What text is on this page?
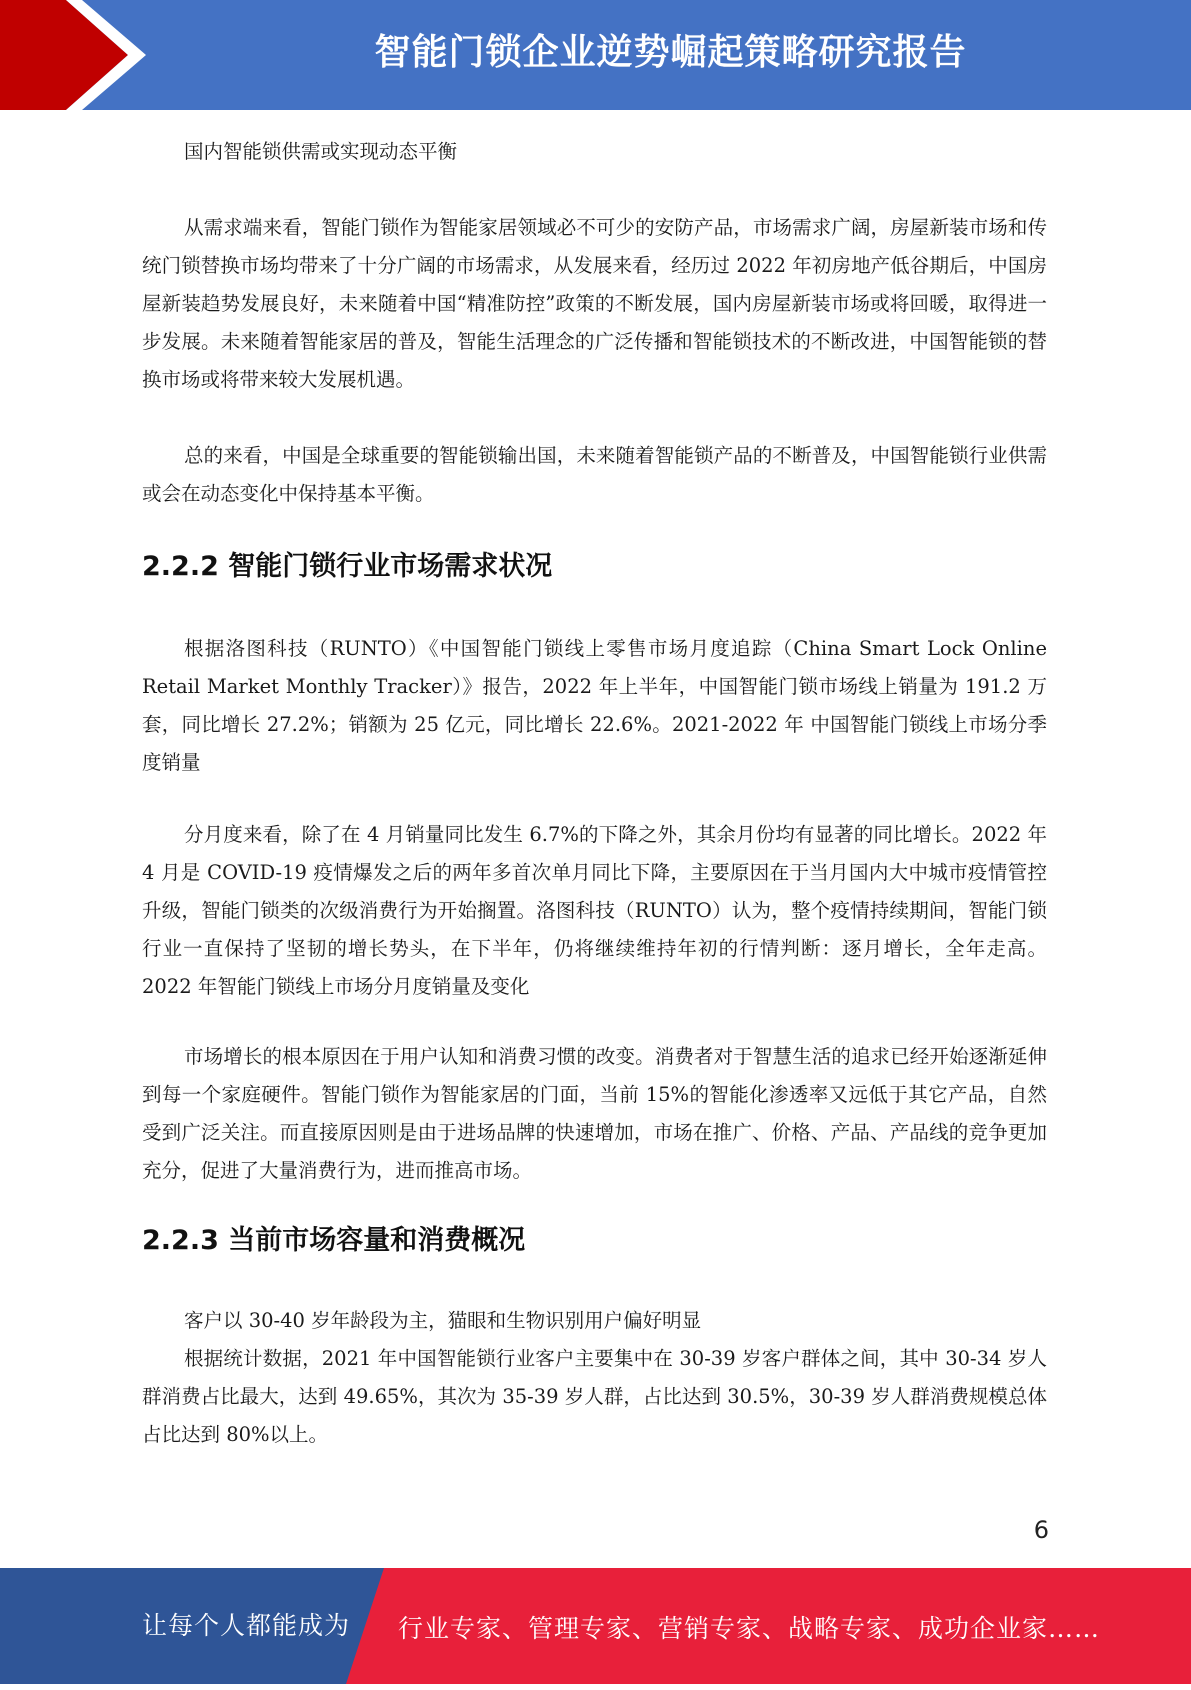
智能门锁企业逆势崛起策略研究报告

国内智能锁供需或实现动态平衡

从需求端来看，智能门锁作为智能家居领域必不可少的安防产品，市场需求广阔，房屋新装市场和传统门锁替换市场均带来了十分广阔的市场需求，从发展来看，经历过 2022 年初房地产低谷期后，中国房屋新装趋势发展良好，未来随着中国“精准防控”政策的不断发展，国内房屋新装市场或将回暖，取得进一步发展。未来随着智能家居的普及，智能生活理念的广泛传播和智能锁技术的不断改进，中国智能锁的替换市场或将带来较大发展机遇。

总的来看，中国是全球重要的智能锁输出国，未来随着智能锁产品的不断普及，中国智能锁行业供需或会在动态变化中保持基本平衡。

2.2.2 智能门锁行业市场需求状况

根据洛图科技（RUNTO）《中国智能门锁线上零售市场月度追踪（China Smart Lock Online Retail Market Monthly Tracker）》报告，2022 年上半年，中国智能门锁市场线上销量为 191.2 万套，同比增长 27.2%；销额为 25 亿元，同比增长 22.6%。2021-2022 年 中国智能门锁线上市场分季度销量

分月度来看，除了在 4 月销量同比发生 6.7%的下降之外，其余月份均有显著的同比增长。2022 年 4 月是 COVID-19 疫情爆发之后的两年多首次单月同比下降，主要原因在于当月国内大中城市疫情管控升级，智能门锁类的次级消费行为开始搁置。洛图科技（RUNTO）认为，整个疫情持续期间，智能门锁行业一直保持了坚韧的增长势头，在下半年，仍将继续维持年初的行情判断：逐月增长，全年走高。2022 年智能门锁线上市场分月度销量及变化

市场增长的根本原因在于用户认知和消费习惯的改变。消费者对于智慧生活的追求已经开始逐渐延伸到每一个家庭硬件。智能门锁作为智能家居的门面，当前 15%的智能化渗透率又远低于其它产品，自然受到广泛关注。而直接原因则是由于进场品牌的快速增加，市场在推广、价格、产品、产品线的竞争更加充分，促进了大量消费行为，进而推高市场。

2.2.3 当前市场容量和消费概况

客户以 30-40 岁年龄段为主，猫眼和生物识别用户偏好明显

根据统计数据，2021 年中国智能锁行业客户主要集中在 30-39 岁客户群体之间，其中 30-34 岁人群消费占比最大，达到 49.65%，其次为 35-39 岁人群，占比达到 30.5%，30-39 岁人群消费规模总体占比达到 80%以上。

6
让每个人都能成为 行业专家、管理专家、营销专家、战略专家、成功企业家……
